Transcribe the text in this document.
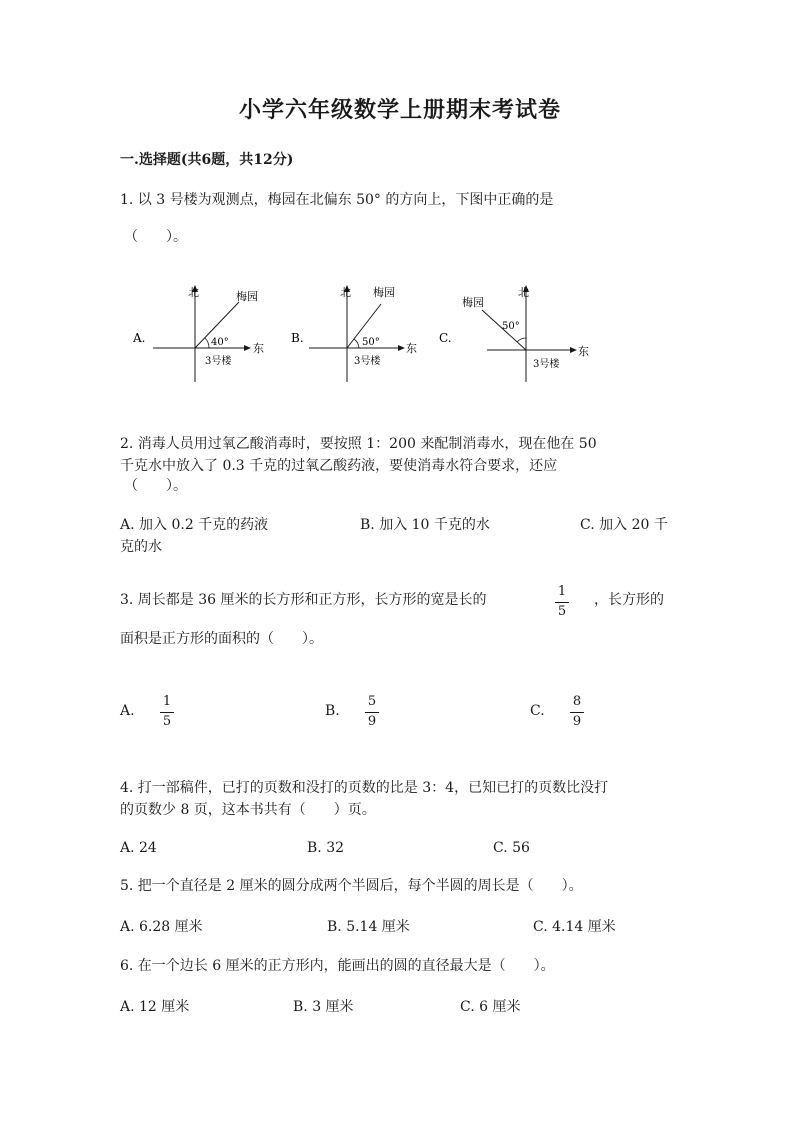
小学六年级数学上册期末考试卷
一.选择题(共6题，共12分)
1. 以 3 号楼为观测点，梅园在北偏东 50° 的方向上，下图中正确的是
（　　）。
A.
北	梅园
40° 东
3号楼
B.
北 梅园
50° 东
3号楼
C.
梅园
北
50°
东
3号楼
2. 消毒人员用过氧乙酸消毒时，要按照 1：200 来配制消毒水，现在他在 50
千克水中放入了 0.3 千克的过氧乙酸药液，要使消毒水符合要求，还应
（　　）。
A. 加入 0.2 千克的药液	B. 加入 10 千克的水	C. 加入 20 千
克的水
3. 周长都是 36 厘米的长方形和正方形，长方形的宽是长的
1
5
，长方形的
面积是正方形的面积的（　　）。
A.
1
5
B.
5
9
C.
8
9
4. 打一部稿件，已打的页数和没打的页数的比是 3：4，已知已打的页数比没打
的页数少 8 页，这本书共有（　　）页。
A. 24	B. 32	C. 56
5. 把一个直径是 2 厘米的圆分成两个半圆后，每个半圆的周长是（　　）。
A. 6.28 厘米	B. 5.14 厘米	C. 4.14 厘米
6. 在一个边长 6 厘米的正方形内，能画出的圆的直径最大是（　　）。
A. 12 厘米	B. 3 厘米	C. 6 厘米
